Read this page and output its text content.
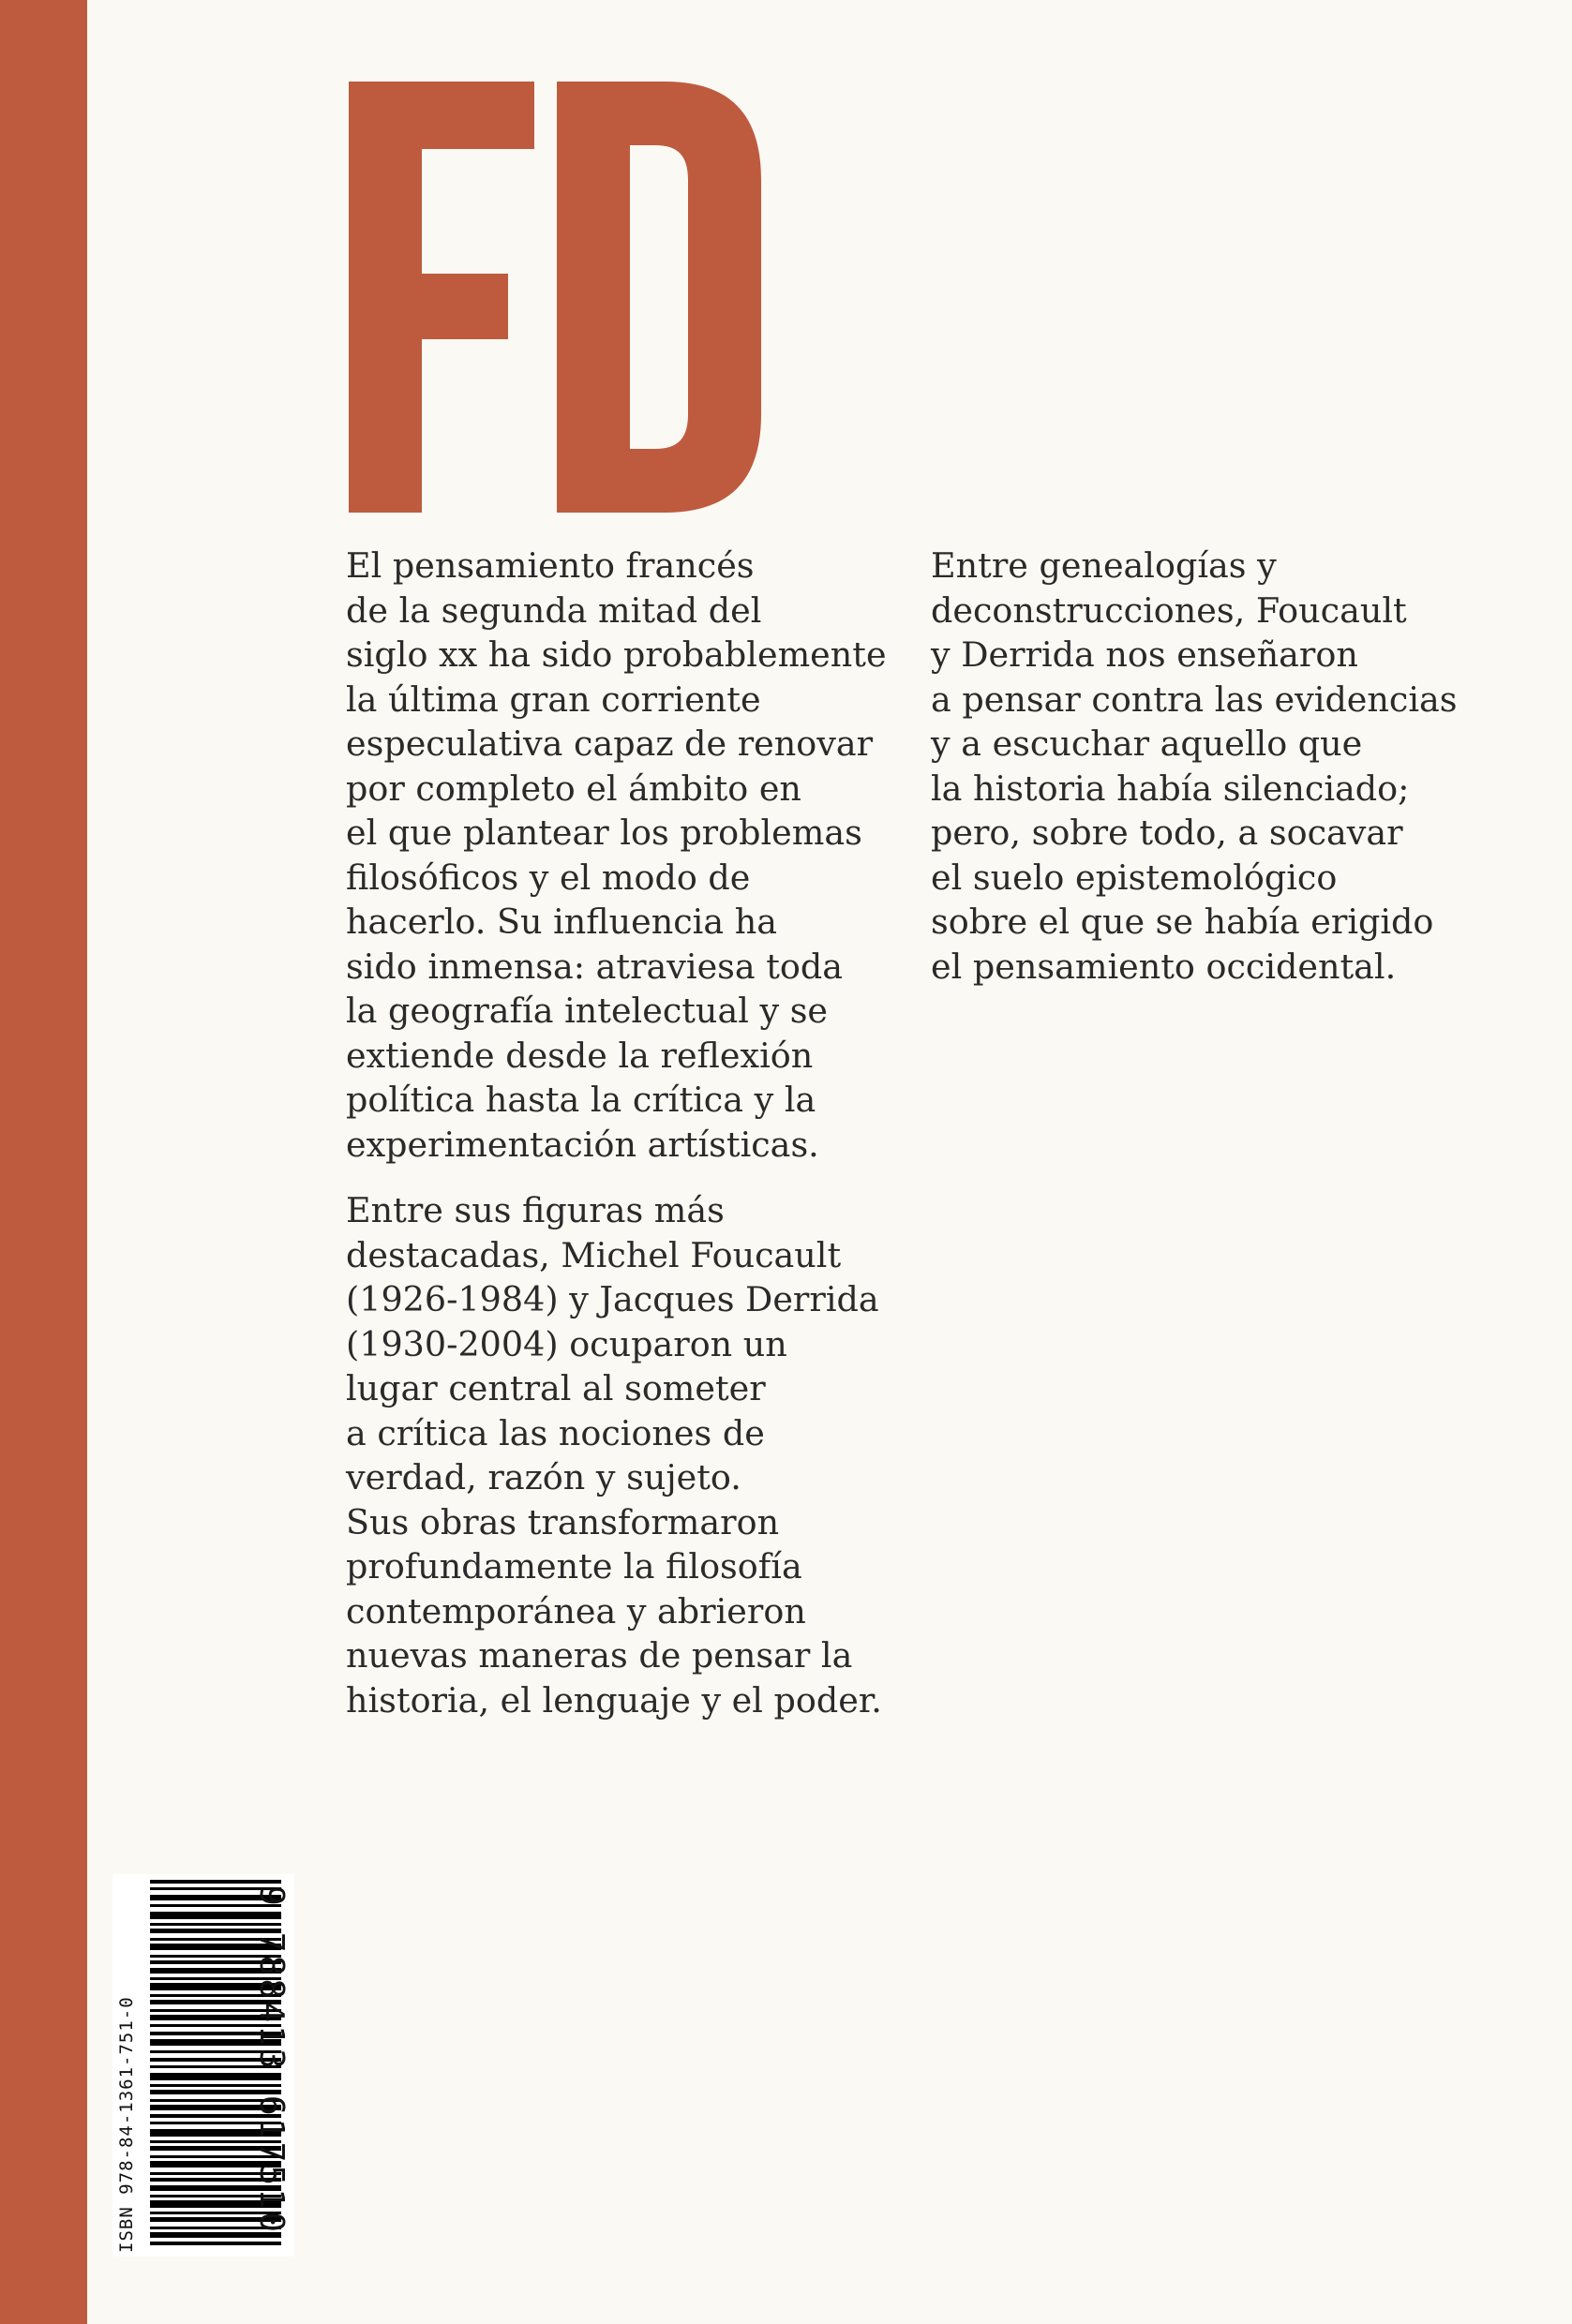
El pensamiento francés
de la segunda mitad del
siglo xx ha sido probablemente
la última gran corriente
especulativa capaz de renovar
por completo el ámbito en
el que plantear los problemas
filosóficos y el modo de
hacerlo. Su influencia ha
sido inmensa: atraviesa toda
la geografía intelectual y se
extiende desde la reflexión
política hasta la crítica y la
experimentación artísticas.

Entre sus figuras más
destacadas, Michel Foucault
(1926-1984) y Jacques Derrida
(1930-2004) ocuparon un
lugar central al someter
a crítica las nociones de
verdad, razón y sujeto.
Sus obras transformaron
profundamente la filosofía
contemporánea y abrieron
nuevas maneras de pensar la
historia, el lenguaje y el poder.

Entre genealogías y
deconstrucciones, Foucault
y Derrida nos enseñaron
a pensar contra las evidencias
y a escuchar aquello que
la historia había silenciado;
pero, sobre todo, a socavar
el suelo epistemológico
sobre el que se había erigido
el pensamiento occidental.

ISBN 978-84-1361-751-0	9 788413 617510
